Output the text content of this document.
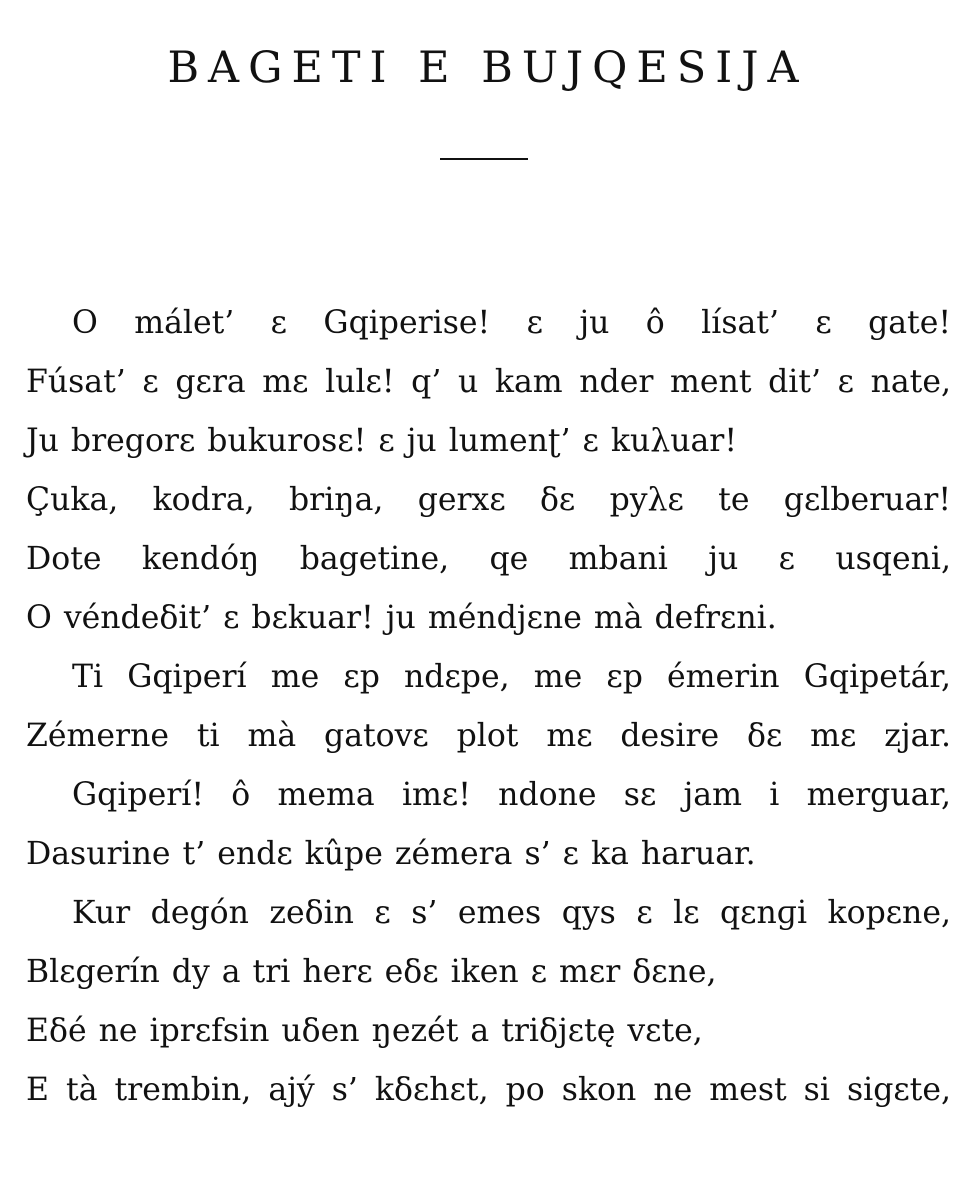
BAGETI E BUJQESIJA
O málet’ ε Gqiperise! ε ju ô lísat’ ε gate!
Fúsat’ ε gεra mε lulε! q’ u kam nder ment dit’ ε nate,
Ju bregorε bukurosε! ε ju lumenʈ’ ε kuλuar!
Çuka, kodra, briŋa, gerxε δε pyλε te gεlberuar!
Dote kendóŋ bagetine, qe mbani ju ε usqeni,
O véndeδit’ ε bεkuar! ju méndjεne mà defrεni.
Ti Gqiperí me εp ndεpe, me εp émerin Gqipetár,
Zémerne ti mà gatovε plot mε desire δε mε zjar.
Gqiperí! ô mema imε! ndone sε jam i merguar,
Dasurine t’ endε kûpe zémera s’ ε ka haruar.
Kur degón zeδin ε s’ emes qys ε lε qεnɡi kopεne,
Blεgerín dy a tri herε eδε iken ε mεr δεne,
Eδé ne iprεfsin uδen ŋezét a triδjεtę vεte,
E tà trembin, ajý s’ kδεhεt, po skon ne mest si sigεte,
